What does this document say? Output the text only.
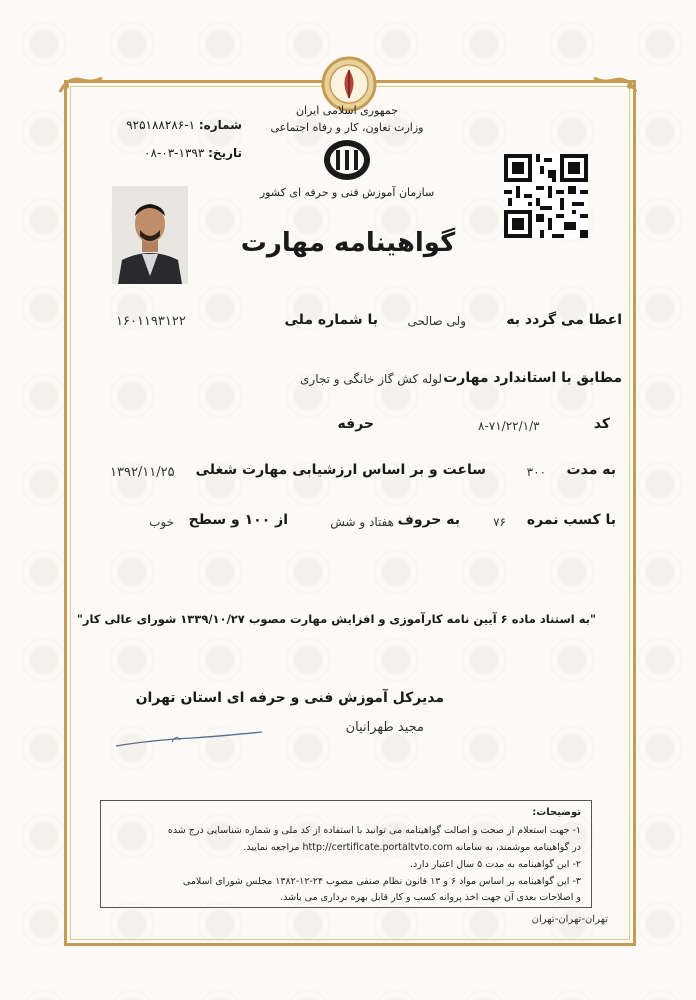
جمهوری اسلامی ایران
وزارت تعاون، کار و رفاه اجتماعی
سازمان آموزش فنی و حرفه ای کشور
شماره: ۱-۹۲۵۱۸۸۲۸۶
تاریخ: ۱۳۹۳-۰۳-۰۸
گواهینامه مهارت
اعطا می گردد به
ولی صالحی
با شماره ملی
۱۶۰۱۱۹۳۱۲۲
مطابق با استاندارد مهارت
لوله کش گاز خانگی و تجاری
کد
۸-۷۱/۲۲/۱/۳
حرفه
به مدت
۳۰۰
ساعت و بر اساس ارزشیابی مهارت شغلی
۱۳۹۲/۱۱/۲۵
با کسب نمره
۷۶
به حروف
هفتاد و شش
از ۱۰۰ و سطح
خوب
"به استناد ماده ۶ آیین نامه کارآموزی و افزایش مهارت مصوب ۱۳۳۹/۱۰/۲۷ شورای عالی کار"
مدیرکل آموزش فنی و حرفه ای استان تهران
مجید طهرانیان
توضیحات:
۱- جهت استعلام از صحت و اصالت گواهینامه می توانید با استفاده از کد ملی و شماره شناسایی درج شده
در گواهینامه موشمند، به سامانه http://certificate.portaltvto.com مراجعه نمایید.
۲- این گواهینامه به مدت ۵ سال اعتبار دارد.
۳- این گواهینامه بر اساس مواد ۶ و ۱۳ قانون نظام صنفی مصوب ۲۴-۱۲-۱۳۸۲ مجلس شورای اسلامی
و اصلاحات بعدی آن جهت اخذ پروانه کسب و کار قابل بهره برداری می باشد.
تهران-تهران-تهران
